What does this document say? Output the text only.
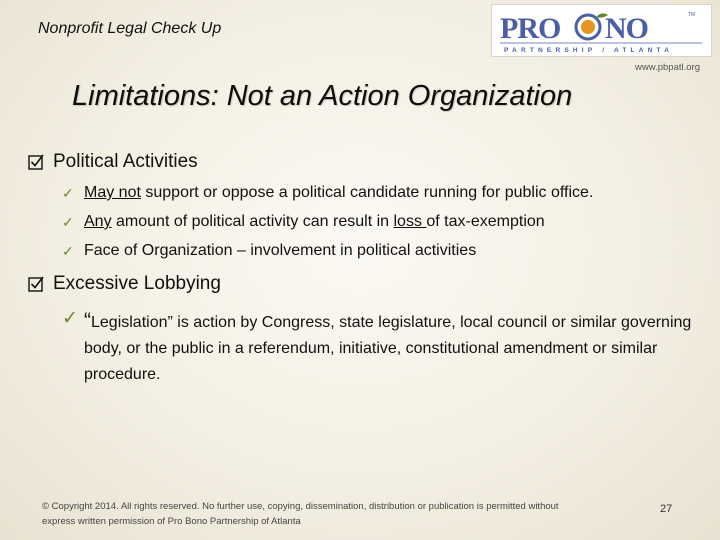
Nonprofit Legal Check Up	PRO NO	TM
PARTNERSHIP / ATLANTA
www.pbpatl.org
Limitations: Not an Action Organization
Political Activities
✓ May not support or oppose a political candidate running for public office.
✓ Any amount of political activity can result in loss of tax-exemption
✓ Face of Organization – involvement in political activities
Excessive Lobbying
✓ “Legislation” is action by Congress, state legislature, local council or similar governing body, or the public in a referendum, initiative, constitutional amendment or similar procedure.
© Copyright 2014. All rights reserved. No further use, copying, dissemination, distribution or publication is permitted without express written permission of Pro Bono Partnership of Atlanta
27
